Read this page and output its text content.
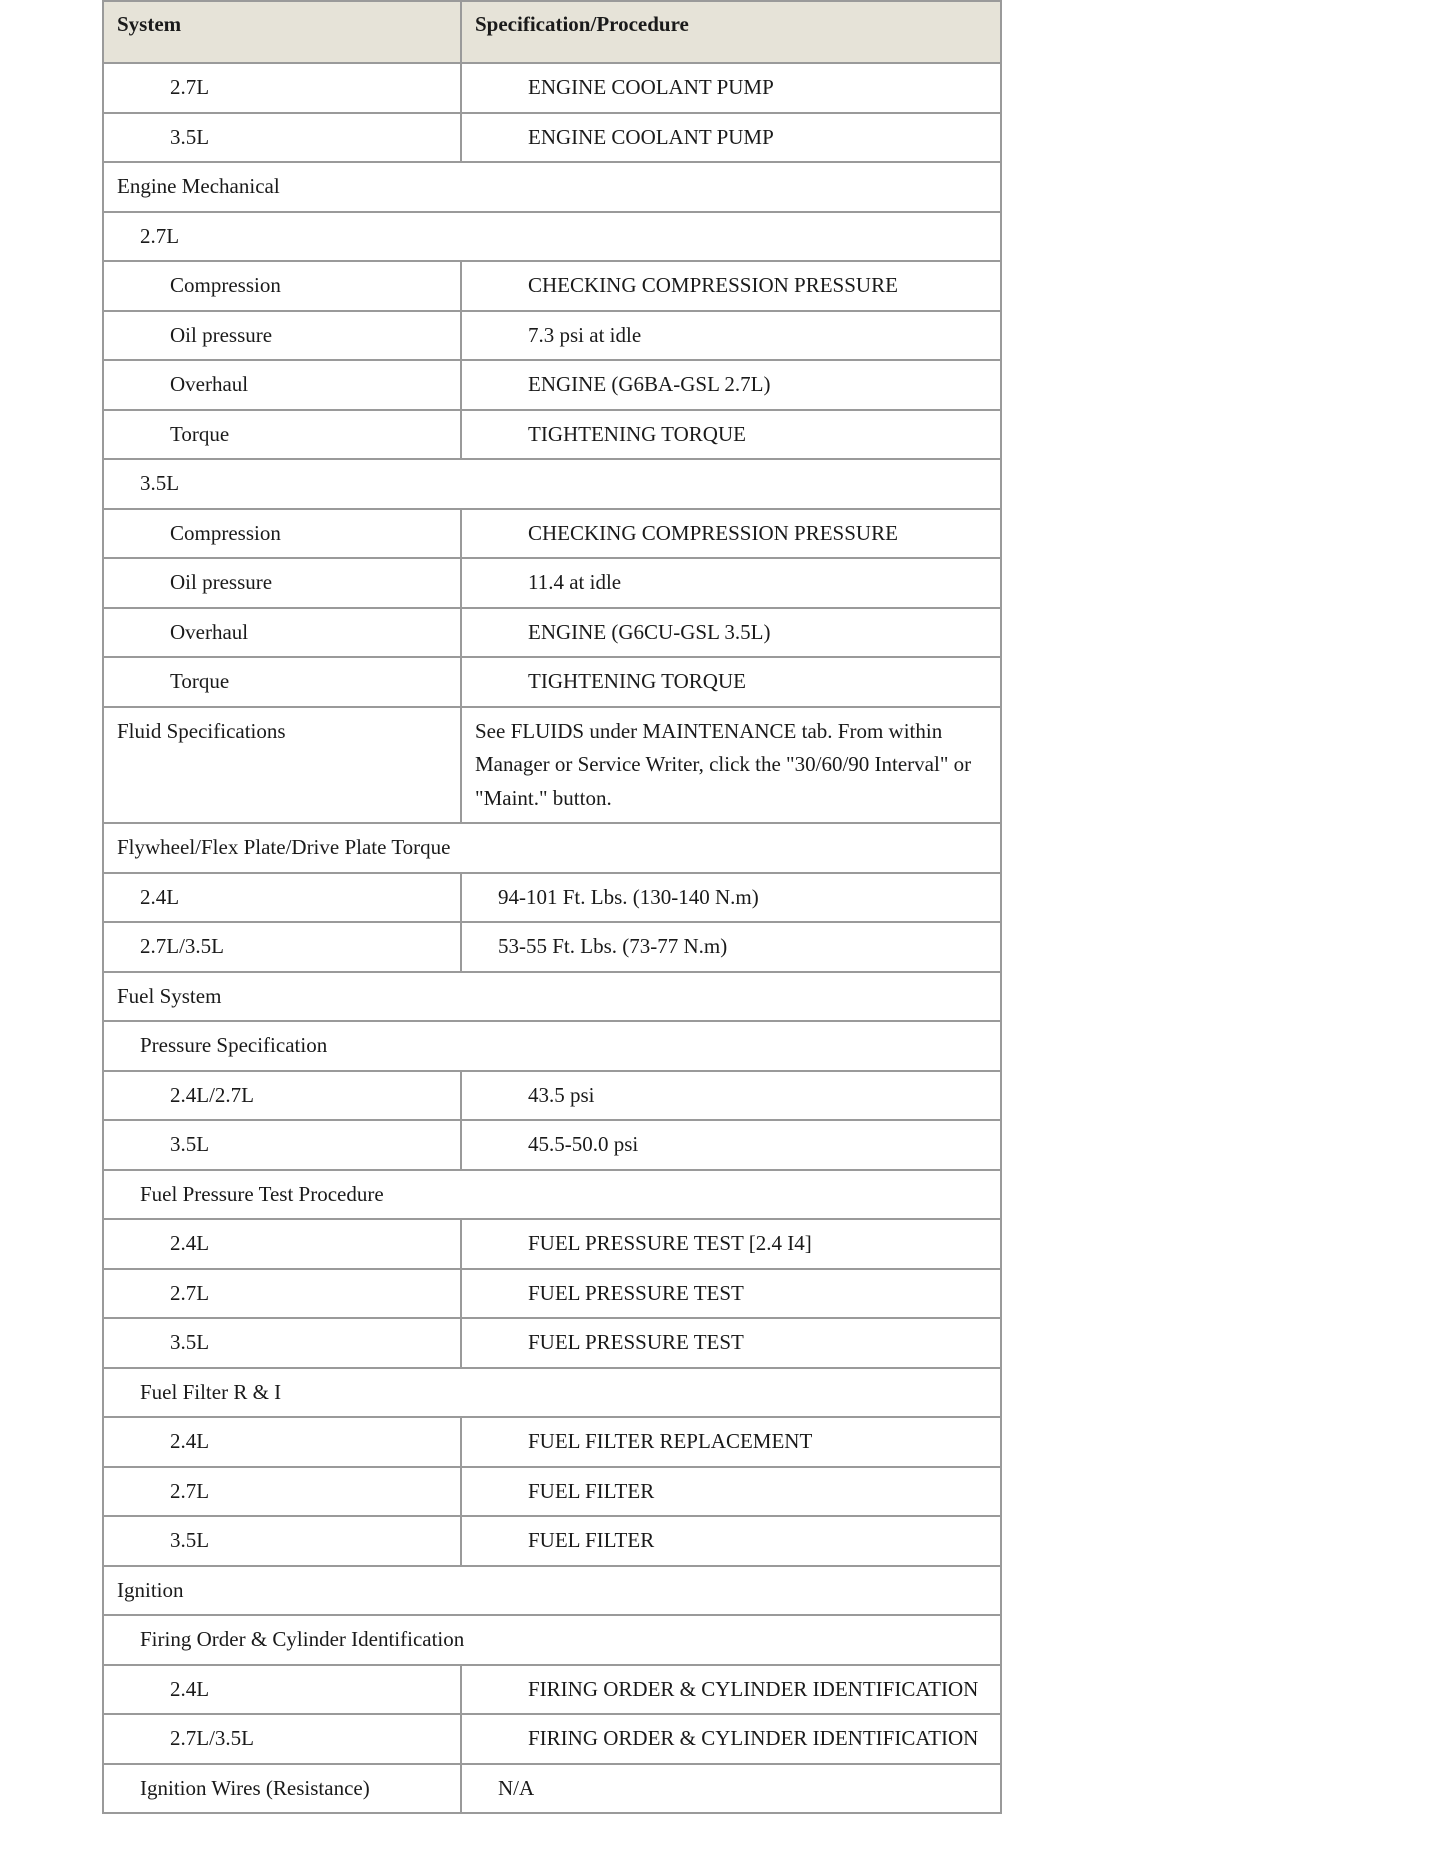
System	Specification/Procedure
2.7L	ENGINE COOLANT PUMP
3.5L	ENGINE COOLANT PUMP
Engine Mechanical	
2.7L	
Compression	CHECKING COMPRESSION PRESSURE
Oil pressure	7.3 psi at idle
Overhaul	ENGINE (G6BA-GSL 2.7L)
Torque	TIGHTENING TORQUE
3.5L	
Compression	CHECKING COMPRESSION PRESSURE
Oil pressure	11.4 at idle
Overhaul	ENGINE (G6CU-GSL 3.5L)
Torque	TIGHTENING TORQUE
Fluid Specifications	See FLUIDS under MAINTENANCE tab. From within Manager or Service Writer, click the "30/60/90 Interval" or "Maint." button.
Flywheel/Flex Plate/Drive Plate Torque	
2.4L	94-101 Ft. Lbs. (130-140 N.m)
2.7L/3.5L	53-55 Ft. Lbs. (73-77 N.m)
Fuel System	
Pressure Specification	
2.4L/2.7L	43.5 psi
3.5L	45.5-50.0 psi
Fuel Pressure Test Procedure	
2.4L	FUEL PRESSURE TEST [2.4 I4]
2.7L	FUEL PRESSURE TEST
3.5L	FUEL PRESSURE TEST
Fuel Filter R & I	
2.4L	FUEL FILTER REPLACEMENT
2.7L	FUEL FILTER
3.5L	FUEL FILTER
Ignition	
Firing Order & Cylinder Identification	
2.4L	FIRING ORDER & CYLINDER IDENTIFICATION
2.7L/3.5L	FIRING ORDER & CYLINDER IDENTIFICATION
Ignition Wires (Resistance)	N/A
